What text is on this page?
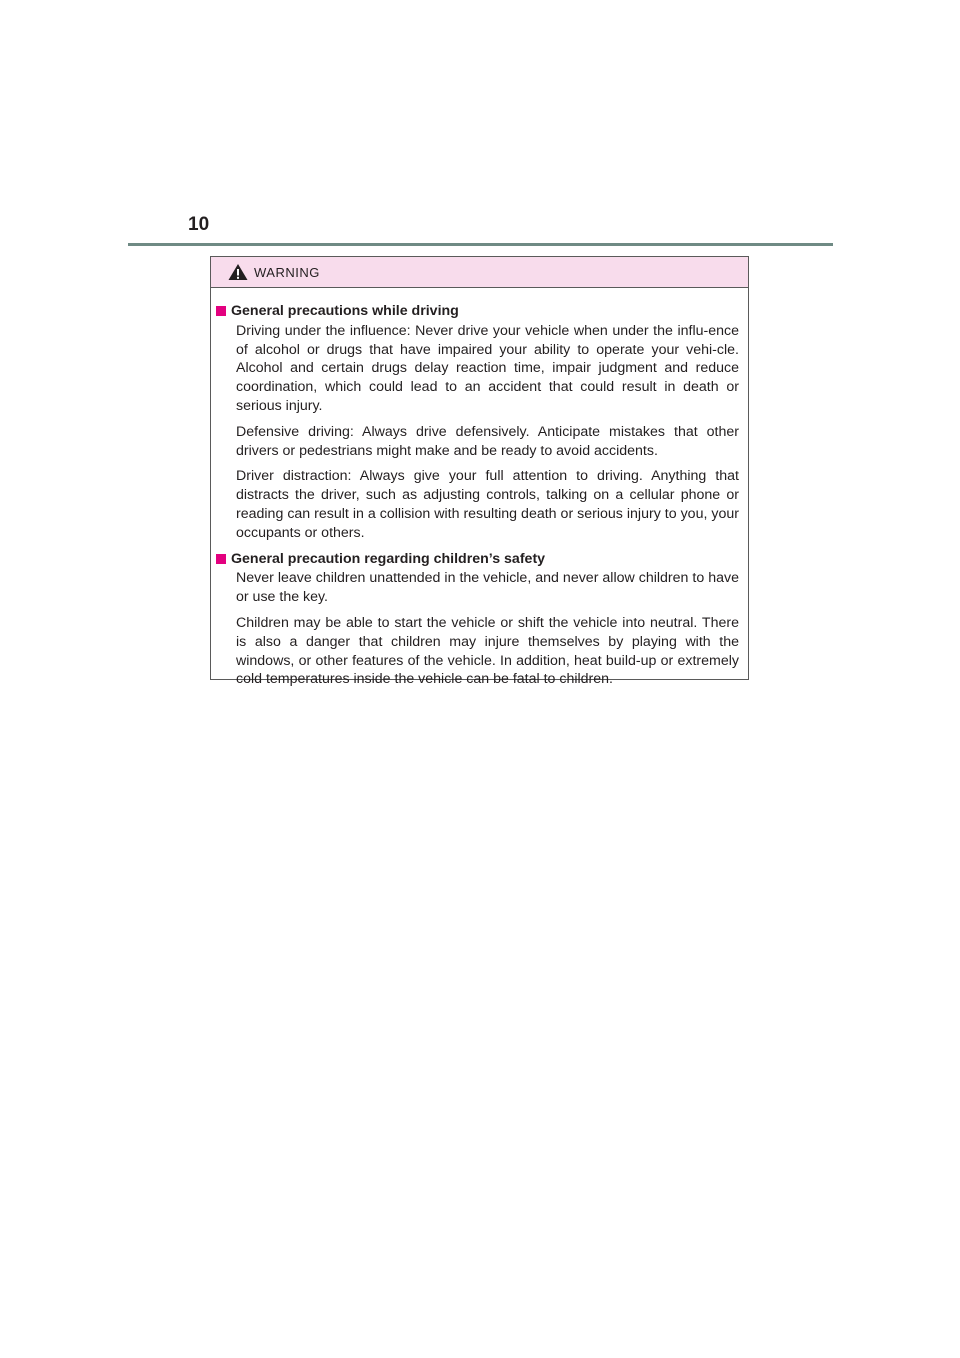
10
WARNING
General precautions while driving

Driving under the influence: Never drive your vehicle when under the influ-ence of alcohol or drugs that have impaired your ability to operate your vehi-cle. Alcohol and certain drugs delay reaction time, impair judgment and reduce coordination, which could lead to an accident that could result in death or serious injury.

Defensive driving: Always drive defensively. Anticipate mistakes that other drivers or pedestrians might make and be ready to avoid accidents.

Driver distraction: Always give your full attention to driving. Anything that distracts the driver, such as adjusting controls, talking on a cellular phone or reading can result in a collision with resulting death or serious injury to you, your occupants or others.

General precaution regarding children’s safety

Never leave children unattended in the vehicle, and never allow children to have or use the key.

Children may be able to start the vehicle or shift the vehicle into neutral. There is also a danger that children may injure themselves by playing with the windows, or other features of the vehicle. In addition, heat build-up or extremely cold temperatures inside the vehicle can be fatal to children.
